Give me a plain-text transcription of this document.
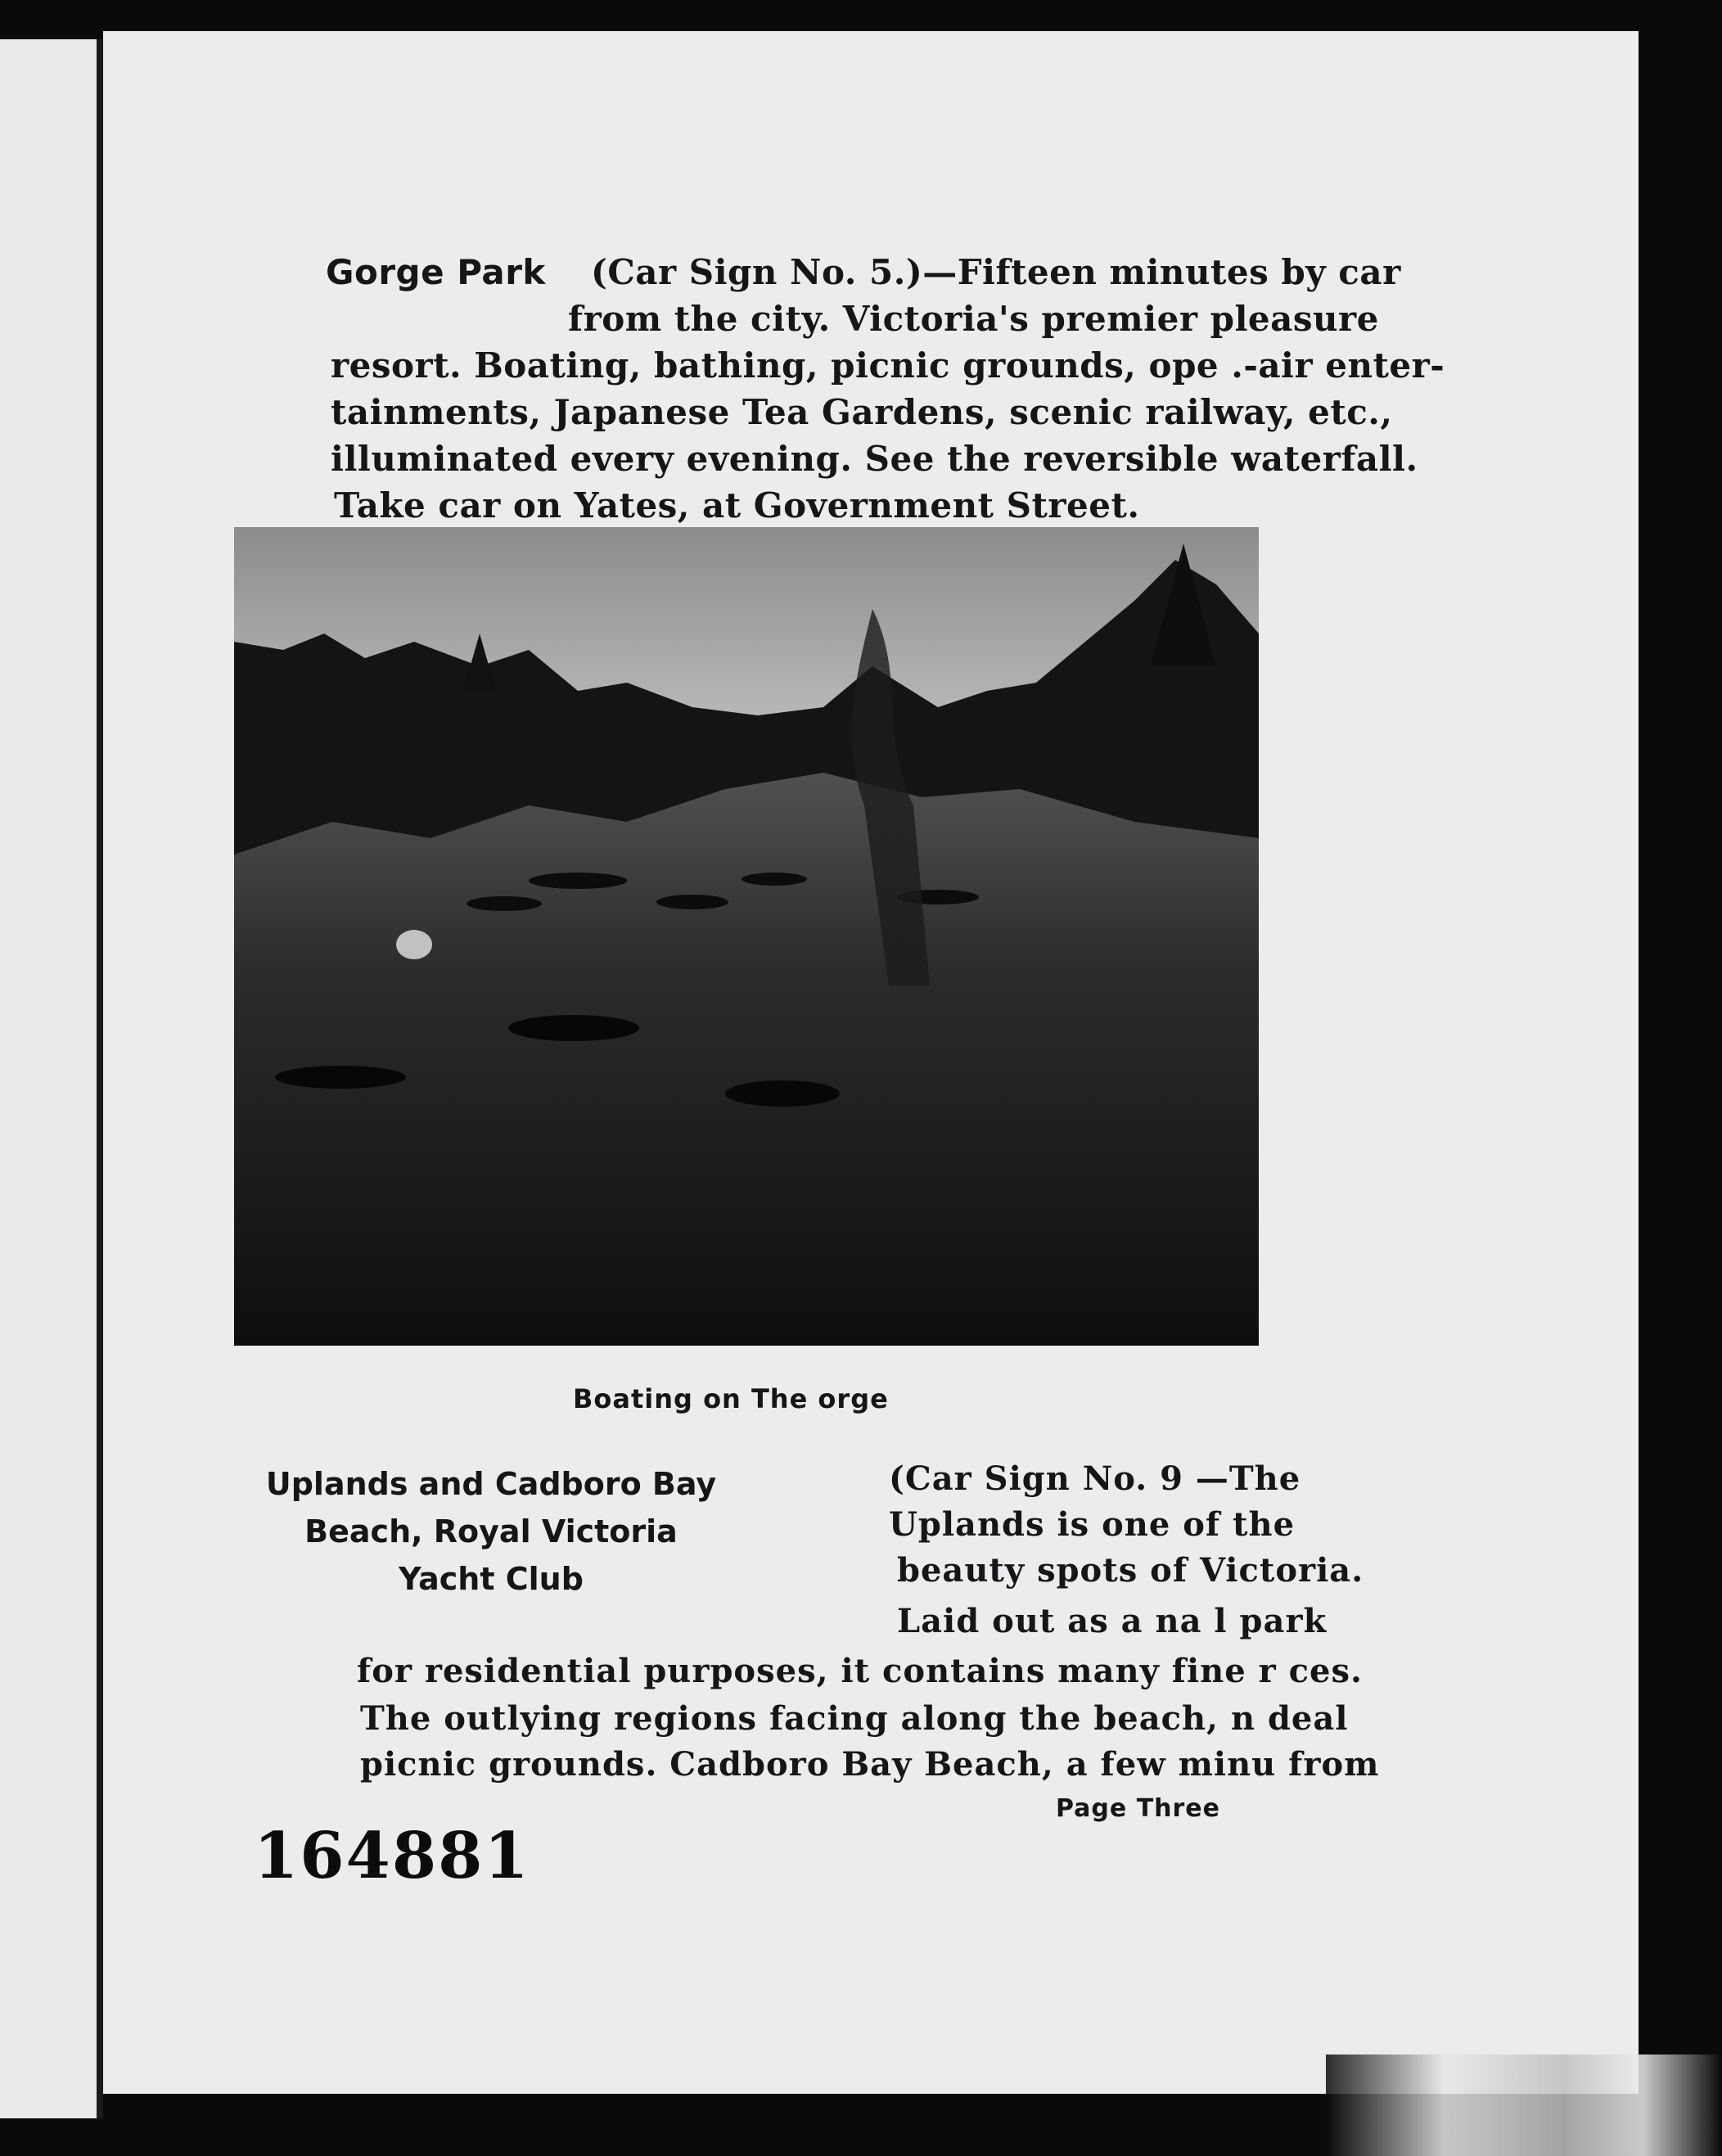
Gorge Park (Car Sign No. 5.)—Fifteen minutes by car
from the city. Victoria's premier pleasure
resort. Boating, bathing, picnic grounds, ope .-air enter-
tainments, Japanese Tea Gardens, scenic railway, etc.,
illuminated every evening. See the reversible waterfall.
Take car on Yates, at Government Street.
Boating on The orge
Uplands and Cadboro Bay
Beach, Royal Victoria
Yacht Club
(Car Sign No. 9 —The
Uplands is one of the
beauty spots of Victoria.
Laid out as a na l park
for residential purposes, it contains many fine r ces.
The outlying regions facing along the beach, n deal
picnic grounds. Cadboro Bay Beach, a few minu from
Page Three
164881
